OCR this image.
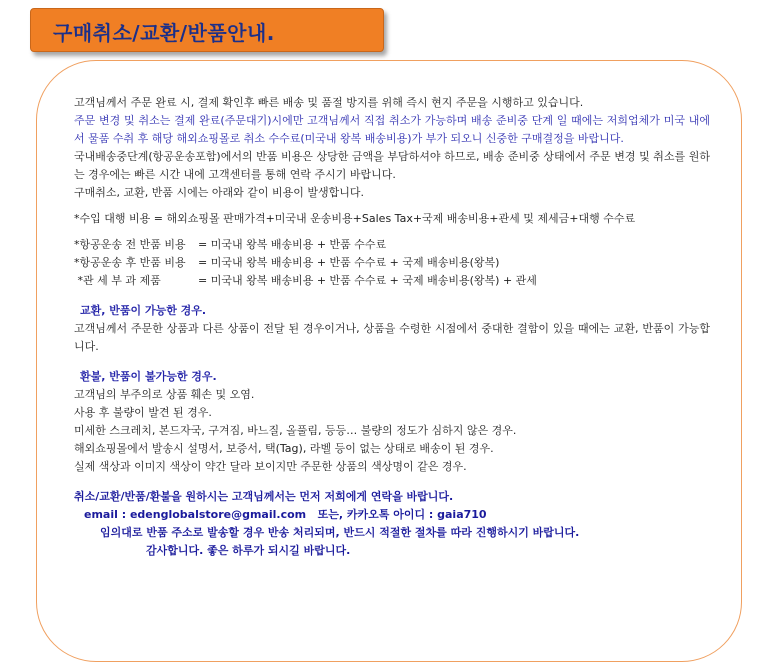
구매취소/교환/반품안내.

고객님께서 주문 완료 시, 결제 확인후 빠른 배송 및 품절 방지를 위해 즉시 현지 주문을 시행하고 있습니다.

주문 변경 및 취소는 결제 완료(주문대기)시에만 고객님께서 직접 취소가 가능하며 배송 준비중 단계 일 때에는 저희업체가 미국 내에서 물품 수취 후 해당 해외쇼핑몰로 취소 수수료(미국내 왕복 배송비용)가 부가 되오니 신중한 구매결정을 바랍니다.

국내배송중단계(항공운송포함)에서의 반품 비용은 상당한 금액을 부담하셔야 하므로, 배송 준비중 상태에서 주문 변경 및 취소를 원하는 경우에는 빠른 시간 내에 고객센터를 통해 연락 주시기 바랍니다.

구매취소, 교환, 반품 시에는 아래와 같이 비용이 발생합니다.

*수입 대행 비용 = 해외쇼핑몰 판매가격+미국내 운송비용+Sales Tax+국제 배송비용+관세 및 제세금+대행 수수료

*항공운송 전 반품 비용 = 미국내 왕복 배송비용 + 반품 수수료

*항공운송 후 반품 비용 = 미국내 왕복 배송비용 + 반품 수수료 + 국제 배송비용(왕복)

*관 세 부 과 제품	= 미국내 왕복 배송비용 + 반품 수수료 + 국제 배송비용(왕복) + 관세

교환, 반품이 가능한 경우.

고객님께서 주문한 상품과 다른 상품이 전달 된 경우이거나, 상품을 수령한 시점에서 중대한 결함이 있을 때에는 교환, 반품이 가능합니다.

환불, 반품이 불가능한 경우.

고객님의 부주의로 상품 훼손 및 오염.

사용 후 불량이 발견 된 경우.

미세한 스크레치, 본드자국, 구겨짐, 바느질, 올풀림, 등등… 불량의 정도가 심하지 않은 경우.

해외쇼핑몰에서 발송시 설명서, 보증서, 택(Tag), 라벨 등이 없는 상태로 배송이 된 경우.

실제 색상과 이미지 색상이 약간 달라 보이지만 주문한 상품의 색상명이 같은 경우.

취소/교환/반품/환불을 원하시는 고객님께서는 먼저 저희에게 연락을 바랍니다.

email : edenglobalstore@gmail.com   또는, 카카오톡 아이디 : gaia710

임의대로 반품 주소로 발송할 경우 반송 처리되며, 반드시 적절한 절차를 따라 진행하시기 바랍니다.

감사합니다. 좋은 하루가 되시길 바랍니다.
